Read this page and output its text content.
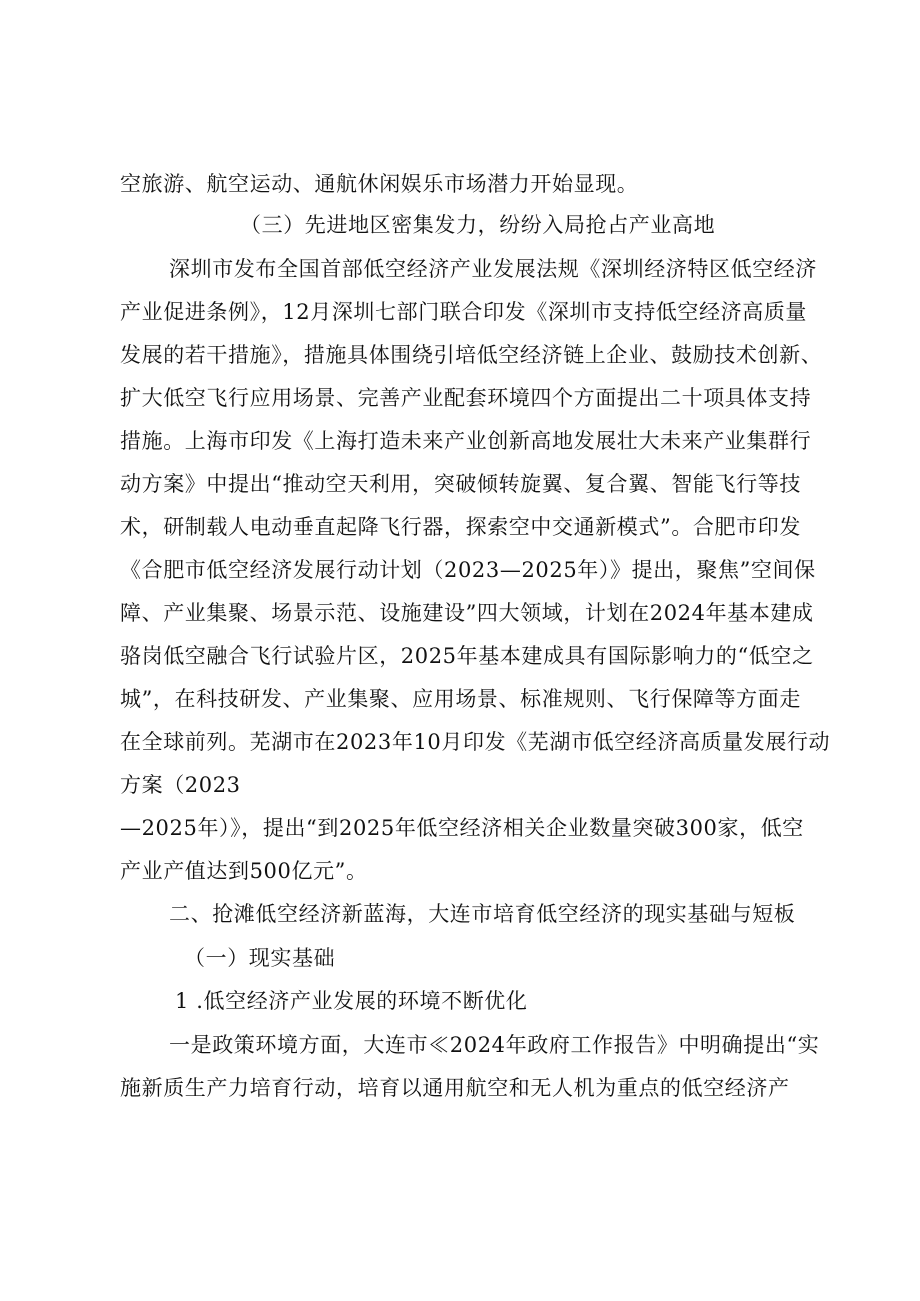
空旅游、航空运动、通航休闲娱乐市场潜力开始显现。
（三）先进地区密集发力，纷纷入局抢占产业高地
深圳市发布全国首部低空经济产业发展法规《深圳经济特区低空经济
产业促进条例》，12月深圳七部门联合印发《深圳市支持低空经济高质量
发展的若干措施》，措施具体围绕引培低空经济链上企业、鼓励技术创新、
扩大低空飞行应用场景、完善产业配套环境四个方面提出二十项具体支持
措施。上海市印发《上海打造未来产业创新高地发展壮大未来产业集群行
动方案》中提出“推动空天利用，突破倾转旋翼、复合翼、智能飞行等技
术，研制载人电动垂直起降飞行器，探索空中交通新模式”。合肥市印发
《合肥市低空经济发展行动计划（2023—2025年）》提出，聚焦”空间保
障、产业集聚、场景示范、设施建设”四大领域，计划在2024年基本建成
骆岗低空融合飞行试验片区，2025年基本建成具有国际影响力的“低空之
城”，在科技研发、产业集聚、应用场景、标准规则、飞行保障等方面走
在全球前列。芜湖市在2023年10月印发《芜湖市低空经济高质量发展行动
方案（2023
—2025年）》，提出“到2025年低空经济相关企业数量突破300家，低空
产业产值达到500亿元”。
二、抢滩低空经济新蓝海，大连市培育低空经济的现实基础与短板
（一）现实基础
1 .低空经济产业发展的环境不断优化
一是政策环境方面，大连市≪2024年政府工作报告》中明确提出“实
施新质生产力培育行动，培育以通用航空和无人机为重点的低空经济产
